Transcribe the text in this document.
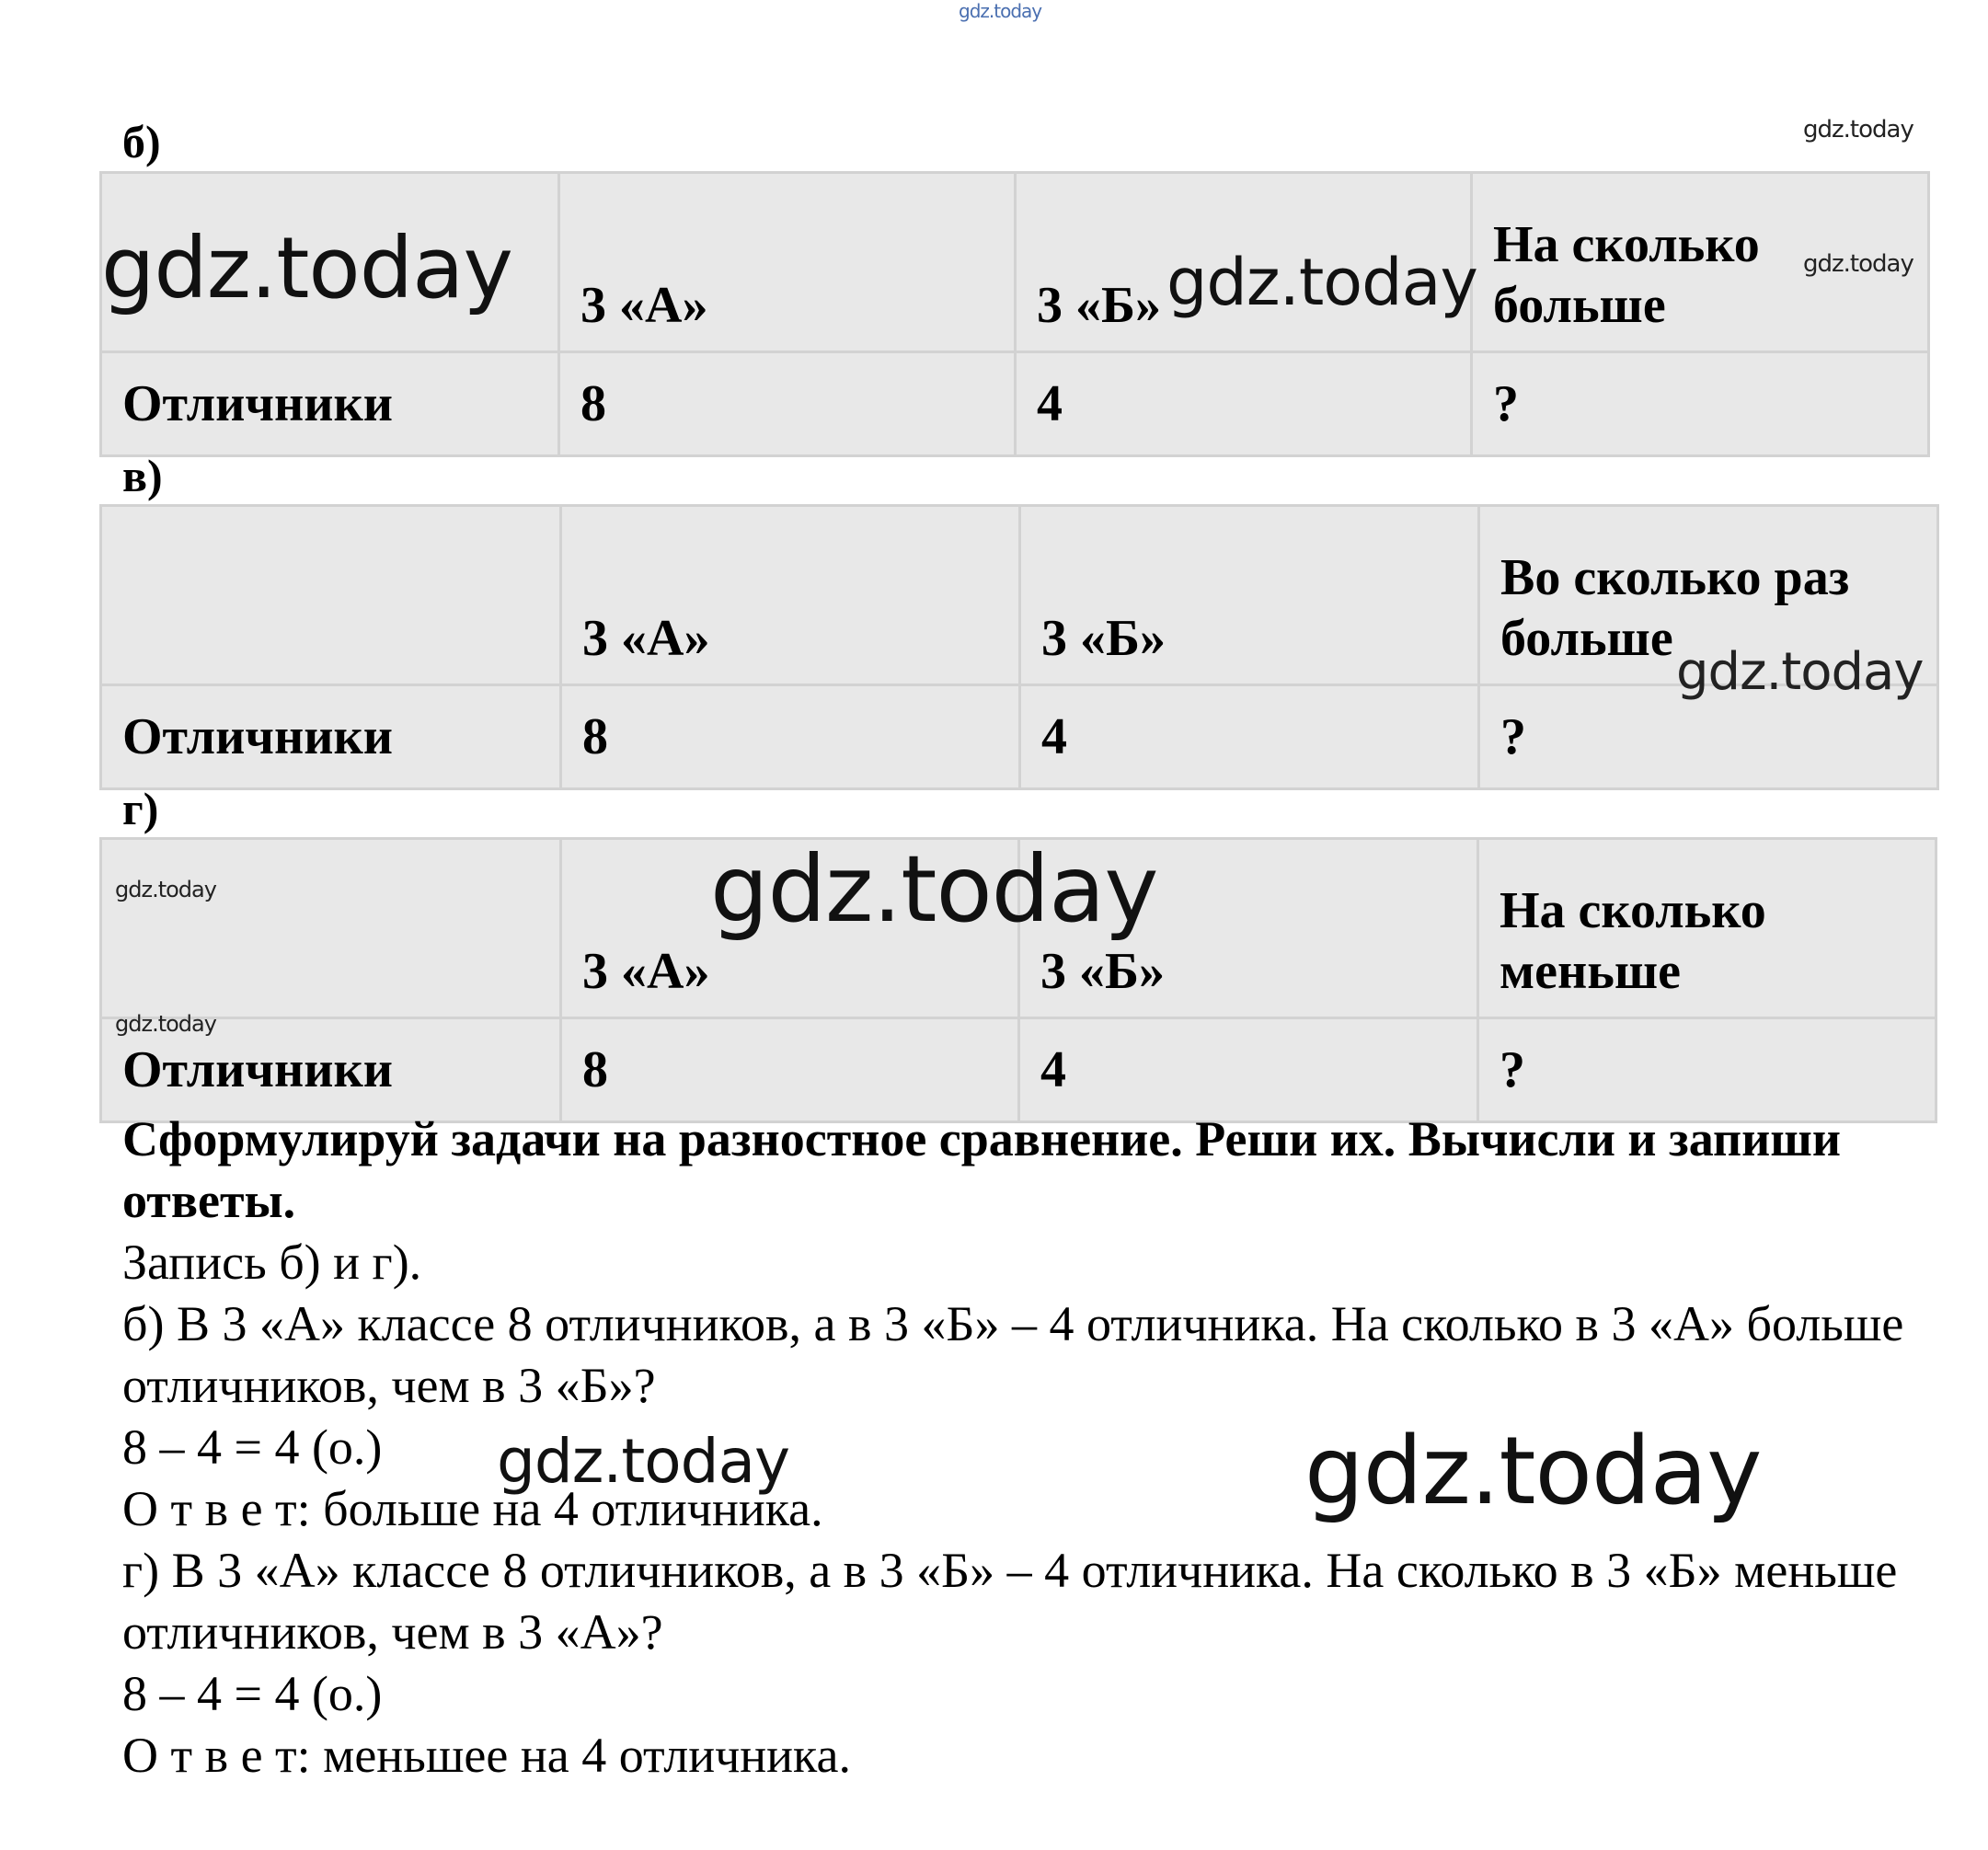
gdz.today
б)	gdz.today
	3 «А»	3 «Б»	На сколько больше
Отличники	8	4	?
gdz.today	gdz.today	gdz.today
в)
	3 «А»	3 «Б»	Во сколько раз больше
Отличники	8	4	?
gdz.today
г)
	3 «А»	3 «Б»	На сколько меньше
Отличники	8	4	?
gdz.today	gdz.today
gdz.today

Сформулируй задачи на разностное сравнение. Реши их. Вычисли и запиши ответы.

Запись б) и г).

б) В 3 «А» классе 8 отличников, а в 3 «Б» – 4 отличника. На сколько в 3 «А» больше отличников, чем в 3 «Б»?

8 – 4 = 4 (о.)

О т в е т: больше на 4 отличника.

г) В 3 «А» классе 8 отличников, а в 3 «Б» – 4 отличника. На сколько в 3 «Б» меньше отличников, чем в 3 «А»?

8 – 4 = 4 (о.)

О т в е т: меньшее на 4 отличника.

gdz.today	gdz.today
